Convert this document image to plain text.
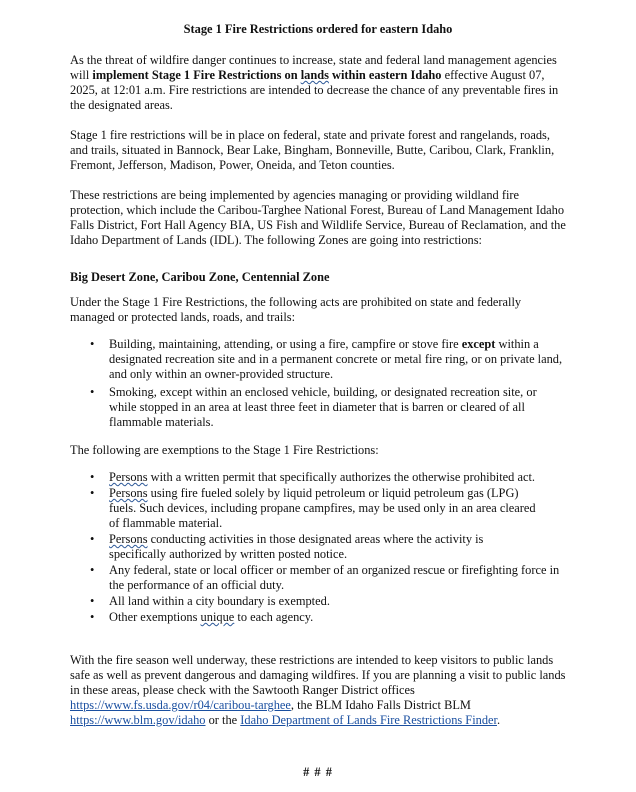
Stage 1 Fire Restrictions ordered for eastern Idaho

As the threat of wildfire danger continues to increase, state and federal land management agencies will implement Stage 1 Fire Restrictions on lands within eastern Idaho effective August 07, 2025, at 12:01 a.m. Fire restrictions are intended to decrease the chance of any preventable fires in the designated areas.

Stage 1 fire restrictions will be in place on federal, state and private forest and rangelands, roads, and trails, situated in Bannock, Bear Lake, Bingham, Bonneville, Butte, Caribou, Clark, Franklin, Fremont, Jefferson, Madison, Power, Oneida, and Teton counties.

These restrictions are being implemented by agencies managing or providing wildland fire protection, which include the Caribou-Targhee National Forest, Bureau of Land Management Idaho Falls District, Fort Hall Agency BIA, US Fish and Wildlife Service, Bureau of Reclamation, and the Idaho Department of Lands (IDL). The following Zones are going into restrictions:

Big Desert Zone, Caribou Zone, Centennial Zone

Under the Stage 1 Fire Restrictions, the following acts are prohibited on state and federally managed or protected lands, roads, and trails:

• Building, maintaining, attending, or using a fire, campfire or stove fire except within a designated recreation site and in a permanent concrete or metal fire ring, or on private land, and only within an owner-provided structure.
• Smoking, except within an enclosed vehicle, building, or designated recreation site, or while stopped in an area at least three feet in diameter that is barren or cleared of all flammable materials.

The following are exemptions to the Stage 1 Fire Restrictions:

• Persons with a written permit that specifically authorizes the otherwise prohibited act.
• Persons using fire fueled solely by liquid petroleum or liquid petroleum gas (LPG) fuels. Such devices, including propane campfires, may be used only in an area cleared of flammable material.
• Persons conducting activities in those designated areas where the activity is specifically authorized by written posted notice.
• Any federal, state or local officer or member of an organized rescue or firefighting force in the performance of an official duty.
• All land within a city boundary is exempted.
• Other exemptions unique to each agency.

With the fire season well underway, these restrictions are intended to keep visitors to public lands safe as well as prevent dangerous and damaging wildfires. If you are planning a visit to public lands in these areas, please check with the Sawtooth Ranger District offices https://www.fs.usda.gov/r04/caribou-targhee, the BLM Idaho Falls District BLM https://www.blm.gov/idaho or the Idaho Department of Lands Fire Restrictions Finder.

# # #
